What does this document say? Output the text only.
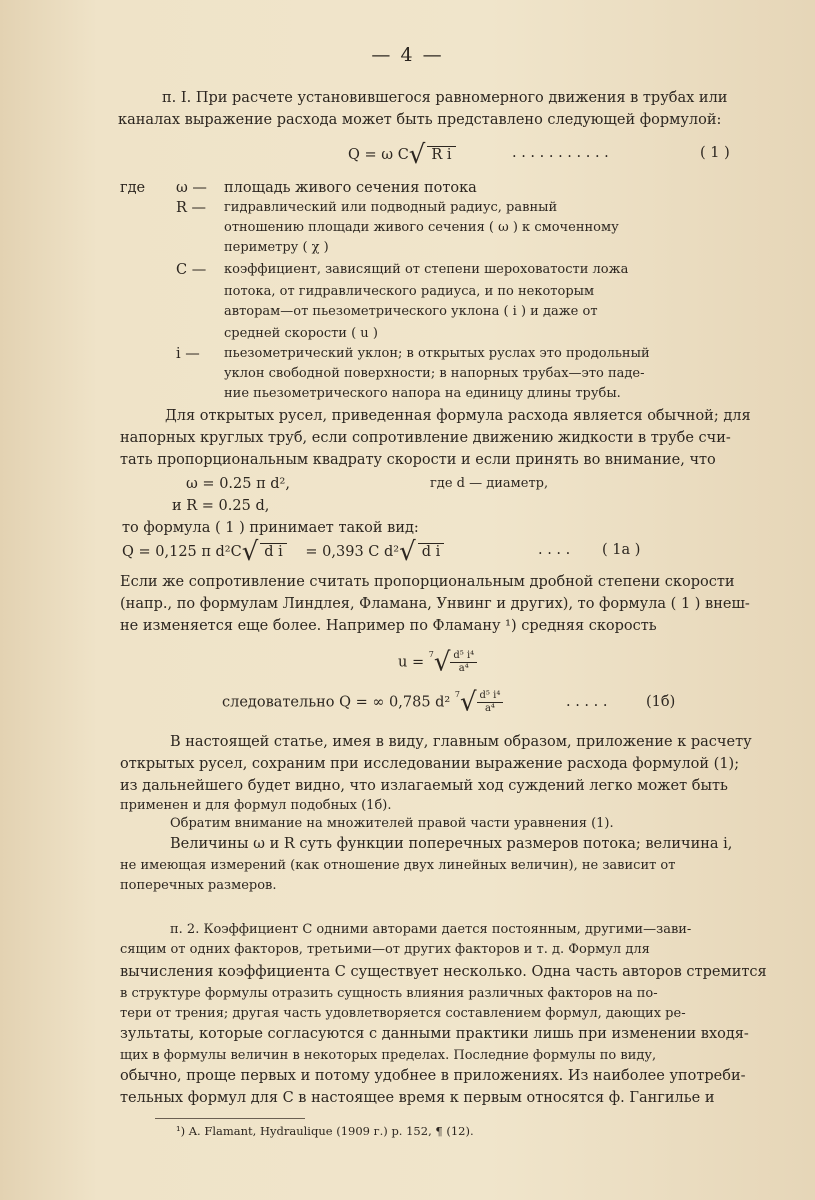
— 4 —
п. I. При расчете установившегося равномерного движения в трубах или
каналах выражение расхода может быть представлено следующей формулой:
Q = ω C√ R i	. . . . . . . . . . .	( 1 )
где ω — площадь живого сечения потока
R — гидравлический или подводный радиус, равный
отношению площади живого сечения ( ω ) к смоченному
периметру ( χ )
C — коэффициент, зависящий от степени шероховатости ложа
потока, от гидравлического радиуса, и по некоторым
авторам—от пьезометрического уклона ( i ) и даже от
средней скорости ( u )
i — пьезометрический уклон; в открытых руслах это продольный
уклон свободной поверхности; в напорных трубах—это паде-
ние пьезометрического напора на единицу длины трубы.
Для открытых русел, приведенная формула расхода является обычной; для
напорных круглых труб, если сопротивление движению жидкости в трубе счи-
тать пропорциональным квадрату скорости и если принять во внимание, что
ω = 0.25 π d²,	где d — диаметр,
и R = 0.25 d,
то формула ( 1 ) принимает такой вид:
Q = 0,125 π d²C√ d i = 0,393 C d²√ d i	. . . . ( 1a )
Если же сопротивление считать пропорциональным дробной степени скорости
(напр., по формулам Линдлея, Фламана, Унвинг и других), то формула ( 1 ) внеш-
не изменяется еще более. Например по Фламану ¹) средняя скорость
$u = ^7√ \frac{\text{d⁵ i⁴}}{\text{a⁴}}$
следовательно Q = ∞ 0,785 d² $^7√ \frac{\text{d⁵ i⁴}}{\text{a⁴}}$	. . . . .	(1б)
В настоящей статье, имея в виду, главным образом, приложение к расчету
открытых русел, сохраним при исследовании выражение расхода формулой (1);
из дальнейшего будет видно, что излагаемый ход суждений легко может быть
применен и для формул подобных (1б).
Обратим внимание на множителей правой части уравнения (1).
Величины ω и R суть функции поперечных размеров потока; величина i,
не имеющая измерений (как отношение двух линейных величин), не зависит от
поперечных размеров.
п. 2. Коэффициент C одними авторами дается постоянным, другими—зави-
сящим от одних факторов, третьими—от других факторов и т. д. Формул для
вычисления коэффициента C существует несколько. Одна часть авторов стремится
в структуре формулы отразить сущность влияния различных факторов на по-
тери от трения; другая часть удовлетворяется составлением формул, дающих ре-
зультаты, которые согласуются с данными практики лишь при изменении входя-
щих в формулы величин в некоторых пределах. Последние формулы по виду,
обычно, проще первых и потому удобнее в приложениях. Из наиболее употреби-
тельных формул для C в настоящее время к первым относятся ф. Гангилье и
¹) A. Flamant, Hydraulique (1909 г.) р. 152, ¶ (12).
